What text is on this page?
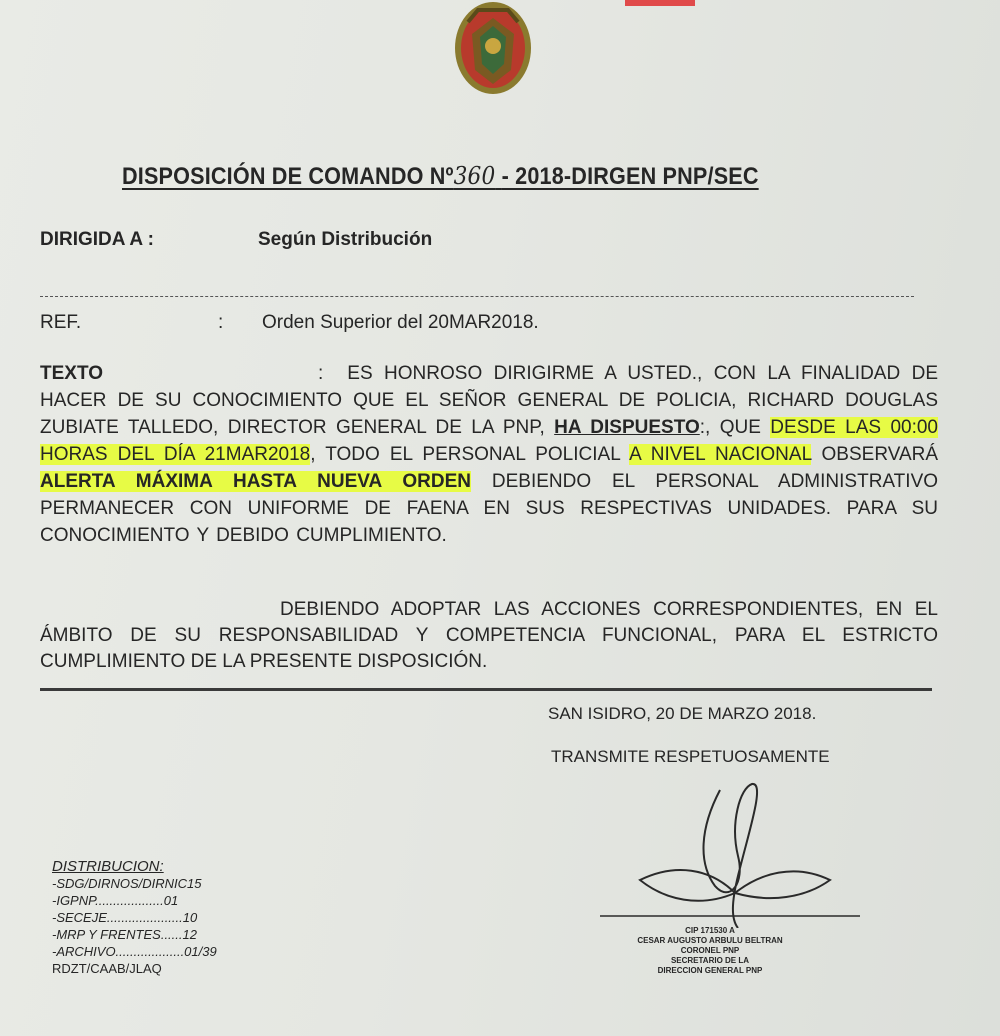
DISPOSICIÓN DE COMANDO Nº360 - 2018-DIRGEN PNP/SEC
DIRIGIDA A :	Según Distribución
REF.	: Orden Superior del 20MAR2018.
TEXTO	: ES HONROSO DIRIGIRME A USTED., CON LA FINALIDAD DE HACER DE SU CONOCIMIENTO QUE EL SEÑOR GENERAL DE POLICIA, RICHARD DOUGLAS ZUBIATE TALLEDO, DIRECTOR GENERAL DE LA PNP, HA DISPUESTO:, QUE DESDE LAS 00:00 HORAS DEL DÍA 21MAR2018, TODO EL PERSONAL POLICIAL A NIVEL NACIONAL OBSERVARÁ ALERTA MÁXIMA HASTA NUEVA ORDEN DEBIENDO EL PERSONAL ADMINISTRATIVO PERMANECER CON UNIFORME DE FAENA EN SUS RESPECTIVAS UNIDADES. PARA SU CONOCIMIENTO Y DEBIDO CUMPLIMIENTO.
DEBIENDO ADOPTAR LAS ACCIONES CORRESPONDIENTES, EN EL ÁMBITO DE SU RESPONSABILIDAD Y COMPETENCIA FUNCIONAL, PARA EL ESTRICTO CUMPLIMIENTO DE LA PRESENTE DISPOSICIÓN.
SAN ISIDRO, 20 DE MARZO 2018.
TRANSMITE RESPETUOSAMENTE
CIP 171530 A
CESAR AUGUSTO ARBULU BELTRAN
CORONEL PNP
SECRETARIO DE LA
DIRECCION GENERAL PNP
DISTRIBUCION:
-SDG/DIRNOS/DIRNIC15
-IGPNP...................01
-SECEJE.....................10
-MRP Y FRENTES......12
-ARCHIVO...................01/39
RDZT/CAAB/JLAQ
